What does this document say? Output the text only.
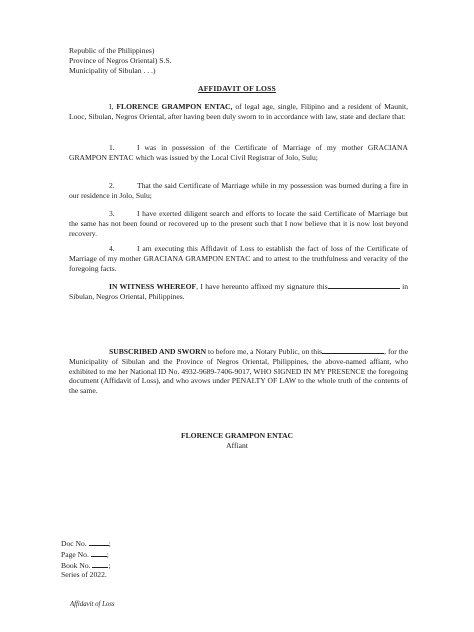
Republic of the Philippines)
Province of Negros Oriental) S.S.
Municipality of Sibulan . . .)
AFFIDAVIT OF LOSS
I, FLORENCE GRAMPON ENTAC, of legal age, single, Filipino and a resident of Maunit, Looc, Sibulan, Negros Oriental, after having been duly sworn to in accordance with law, state and declare that:
1.	I was in possession of the Certificate of Marriage of my mother GRACIANA GRAMPON ENTAC which was issued by the Local Civil Registrar of Jolo, Sulu;
2.	That the said Certificate of Marriage while in my possession was burned during a fire in our residence in Jolo, Sulu;
3.	I have exerted diligent search and efforts to locate the said Certificate of Marriage but the same has not been found or recovered up to the present such that I now believe that it is now lost beyond recovery.
4.	I am executing this Affidavit of Loss to establish the fact of loss of the Certificate of Marriage of my mother GRACIANA GRAMPON ENTAC and to attest to the truthfulness and veracity of the foregoing facts.
IN WITNESS WHEREOF, I have hereunto affixed my signature this	in Sibulan, Negros Oriental, Philippines.
FLORENCE GRAMPON ENTAC
Affiant
SUBSCRIBED AND SWORN to before me, a Notary Public, on this	, for the Municipality of Sibulan and the Province of Negros Oriental, Philippines, the above-named affiant, who exhibited to me her National ID No. 4932-9689-7406-9017, WHO SIGNED IN MY PRESENCE the foregoing document (Affidavit of Loss), and who avows under PENALTY OF LAW to the whole truth of the contents of the same.
Doc No.	;
Page No. ;
Book No. ;
Series of 2022.
Affidavit of Loss
